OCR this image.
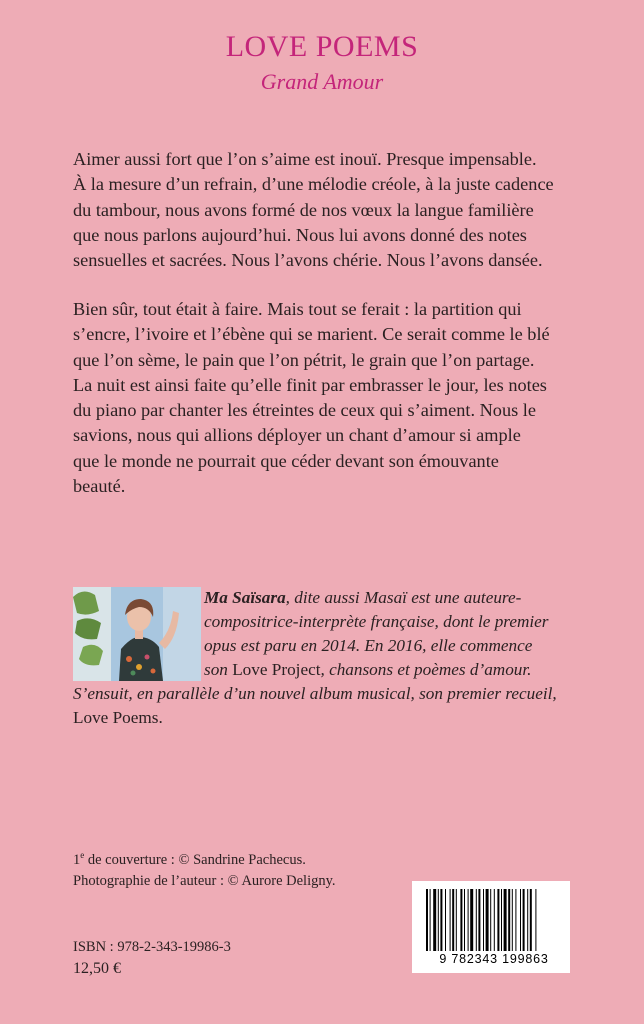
LOVE POEMS
Grand Amour
Aimer aussi fort que l’on s’aime est inouï. Presque impensable.
À la mesure d’un refrain, d’une mélodie créole, à la juste cadence
du tambour, nous avons formé de nos vœux la langue familière
que nous parlons aujourd’hui. Nous lui avons donné des notes
sensuelles et sacrées. Nous l’avons chérie. Nous l’avons dansée.
Bien sûr, tout était à faire. Mais tout se ferait : la partition qui
s’encre, l’ivoire et l’ébène qui se marient. Ce serait comme le blé
que l’on sème, le pain que l’on pétrit, le grain que l’on partage.
La nuit est ainsi faite qu’elle finit par embrasser le jour, les notes
du piano par chanter les étreintes de ceux qui s’aiment. Nous le
savions, nous qui allions déployer un chant d’amour si ample
que le monde ne pourrait que céder devant son émouvante
beauté.
Ma Saïsara, dite aussi Masaï est une auteure-
compositrice-interprète française, dont le premier
opus est paru en 2014. En 2016, elle commence
son Love Project, chansons et poèmes d’amour.
S’ensuit, en parallèle d’un nouvel album musical, son premier recueil,
Love Poems.
1e de couverture : © Sandrine Pachecus.
Photographie de l’auteur : © Aurore Deligny.
ISBN : 978-2-343-19986-3
12,50 €
9 782343 199863
